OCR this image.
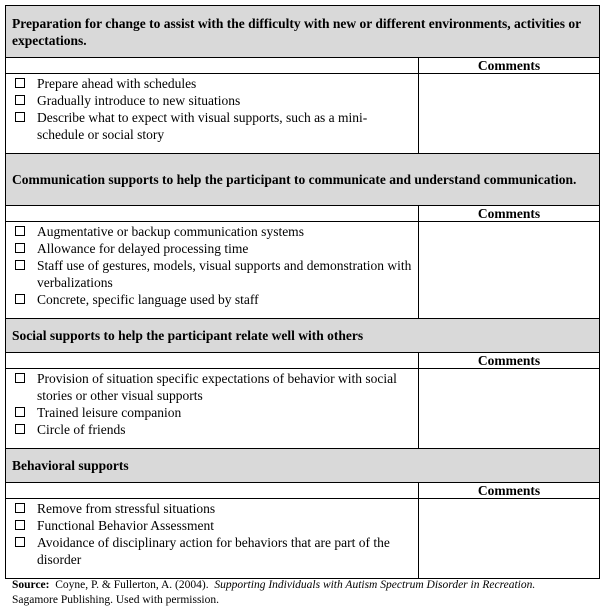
Preparation for change to assist with the difficulty with new or different environments, activities or expectations.
Prepare ahead with schedules
Gradually introduce to new situations
Describe what to expect with visual supports, such as a mini-schedule or social story
Comments
Communication supports to help the participant to communicate and understand communication.
Augmentative or backup communication systems
Allowance for delayed processing time
Staff use of gestures, models, visual supports and demonstration with verbalizations
Concrete, specific language used by staff
Comments
Social supports to help the participant relate well with others
Provision of situation specific expectations of behavior with social stories or other visual supports
Trained leisure companion
Circle of friends
Comments
Behavioral supports
Remove from stressful situations
Functional Behavior Assessment
Avoidance of disciplinary action for behaviors that are part of the disorder
Comments
Source: Coyne, P. & Fullerton, A. (2004). Supporting Individuals with Autism Spectrum Disorder in Recreation.
Sagamore Publishing. Used with permission.
